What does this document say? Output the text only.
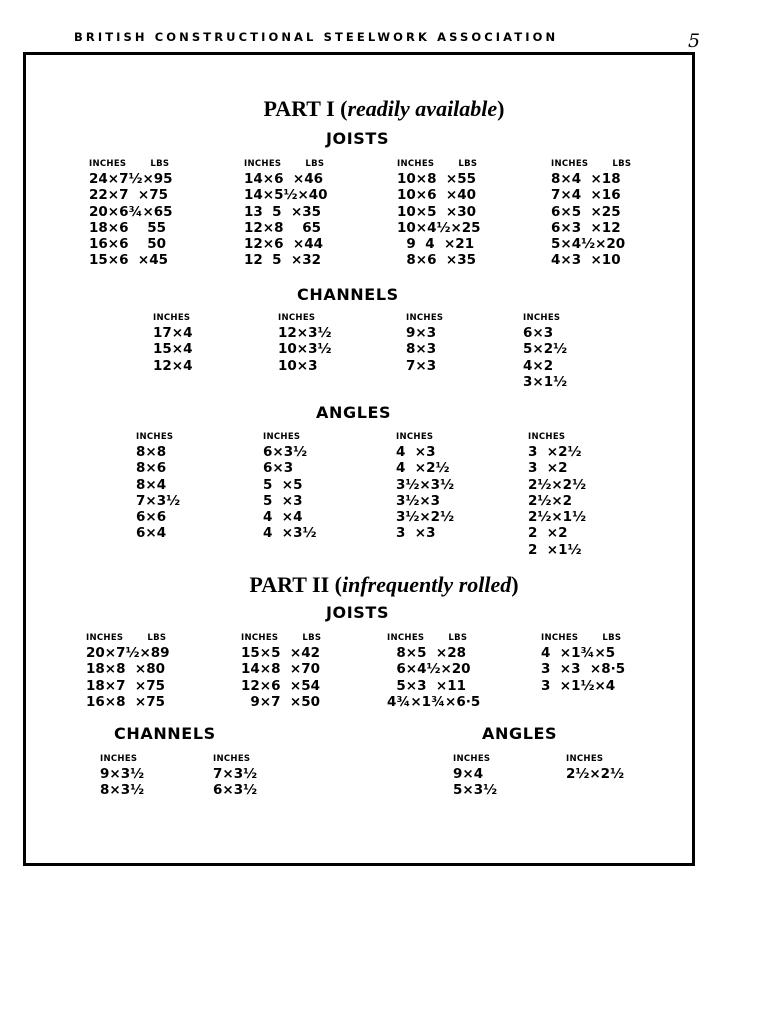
BRITISH CONSTRUCTIONAL STEELWORK ASSOCIATION	5
PART I (readily available)
JOISTS
INCHES	LBS
24×7½×95
22×7  ×75
20×6¾×65
18×6    55
16×6    50
15×6  ×45
INCHES	LBS
14×6  ×46
14×5½×40
13  5  ×35
12×8    65
12×6  ×44
12  5  ×32
INCHES	LBS
10×8  ×55
10×6  ×40
10×5  ×30
10×4½×25
9  4  ×21
8×6  ×35
INCHES	LBS
8×4  ×18
7×4  ×16
6×5  ×25
6×3  ×12
5×4½×20
4×3  ×10
CHANNELS
INCHES
17×4
15×4
12×4
INCHES
12×3½
10×3½
10×3
INCHES
9×3
8×3
7×3
INCHES
6×3
5×2½
4×2
3×1½
ANGLES
INCHES
8×8
8×6
8×4
7×3½
6×6
6×4
INCHES
6×3½
6×3
5  ×5
5  ×3
4  ×4
4  ×3½
INCHES
4  ×3
4  ×2½
3½×3½
3½×3
3½×2½
3  ×3
INCHES
3  ×2½
3  ×2
2½×2½
2½×2
2½×1½
2  ×2
2  ×1½
PART II (infrequently rolled)
JOISTS
INCHES	LBS
20×7½×89
18×8  ×80
18×7  ×75
16×8  ×75
INCHES	LBS
15×5  ×42
14×8  ×70
12×6  ×54
9×7  ×50
INCHES	LBS
8×5  ×28
6×4½×20
5×3  ×11
4¾×1¾×6·5
INCHES	LBS
4  ×1¾×5
3  ×3  ×8·5
3  ×1½×4
CHANNELS	ANGLES
INCHES
9×3½
8×3½
INCHES
7×3½
6×3½
INCHES
9×4
5×3½
INCHES
2½×2½
